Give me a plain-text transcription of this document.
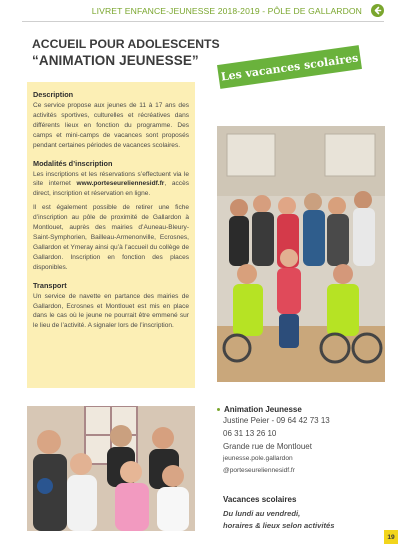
LIVRET ENFANCE-JEUNESSE 2018-2019 - PÔLE DE GALLARDON
ACCUEIL POUR ADOLESCENTS
“ANIMATION JEUNESSE” Les vacances scolaires
Description
Ce service propose aux jeunes de 11 à 17 ans des activités sportives, culturelles et récréatives dans différents lieux en fonction du programme. Des camps et mini-camps de vacances sont proposés pendant certaines périodes de vacances scolaires.
Modalités d’inscription
Les inscriptions et les réservations s’effectuent via le site internet www.porteseureliennesidf.fr, accès direct, inscription et réservation en ligne.
Il est également possible de retirer une fiche d’inscription au pôle de proximité de Gallardon à Montlouet, auprès des mairies d’Auneau-Bleury-Saint-Symphorien, Bailleau-Armenonville, Ecrosnes, Gallardon et Ymeray ainsi qu’à l’accueil du collège de Gallardon. Inscription en fonction des places disponibles.
Transport
Un service de navette en partance des mairies de Gallardon, Ecrosnes et Montlouet est mis en place dans le cas où le jeune ne pourrait être emmené sur le lieu de l’activité. A signaler lors de l’inscription.
Animation Jeunesse
Justine Peier - 09 64 42 73 13
06 31 13 26 10
Grande rue de Montlouet
jeunesse.pole.gallardon
@porteseureliennesidf.fr
Vacances scolaires
Du lundi au vendredi,
horaires & lieux selon activités
19
